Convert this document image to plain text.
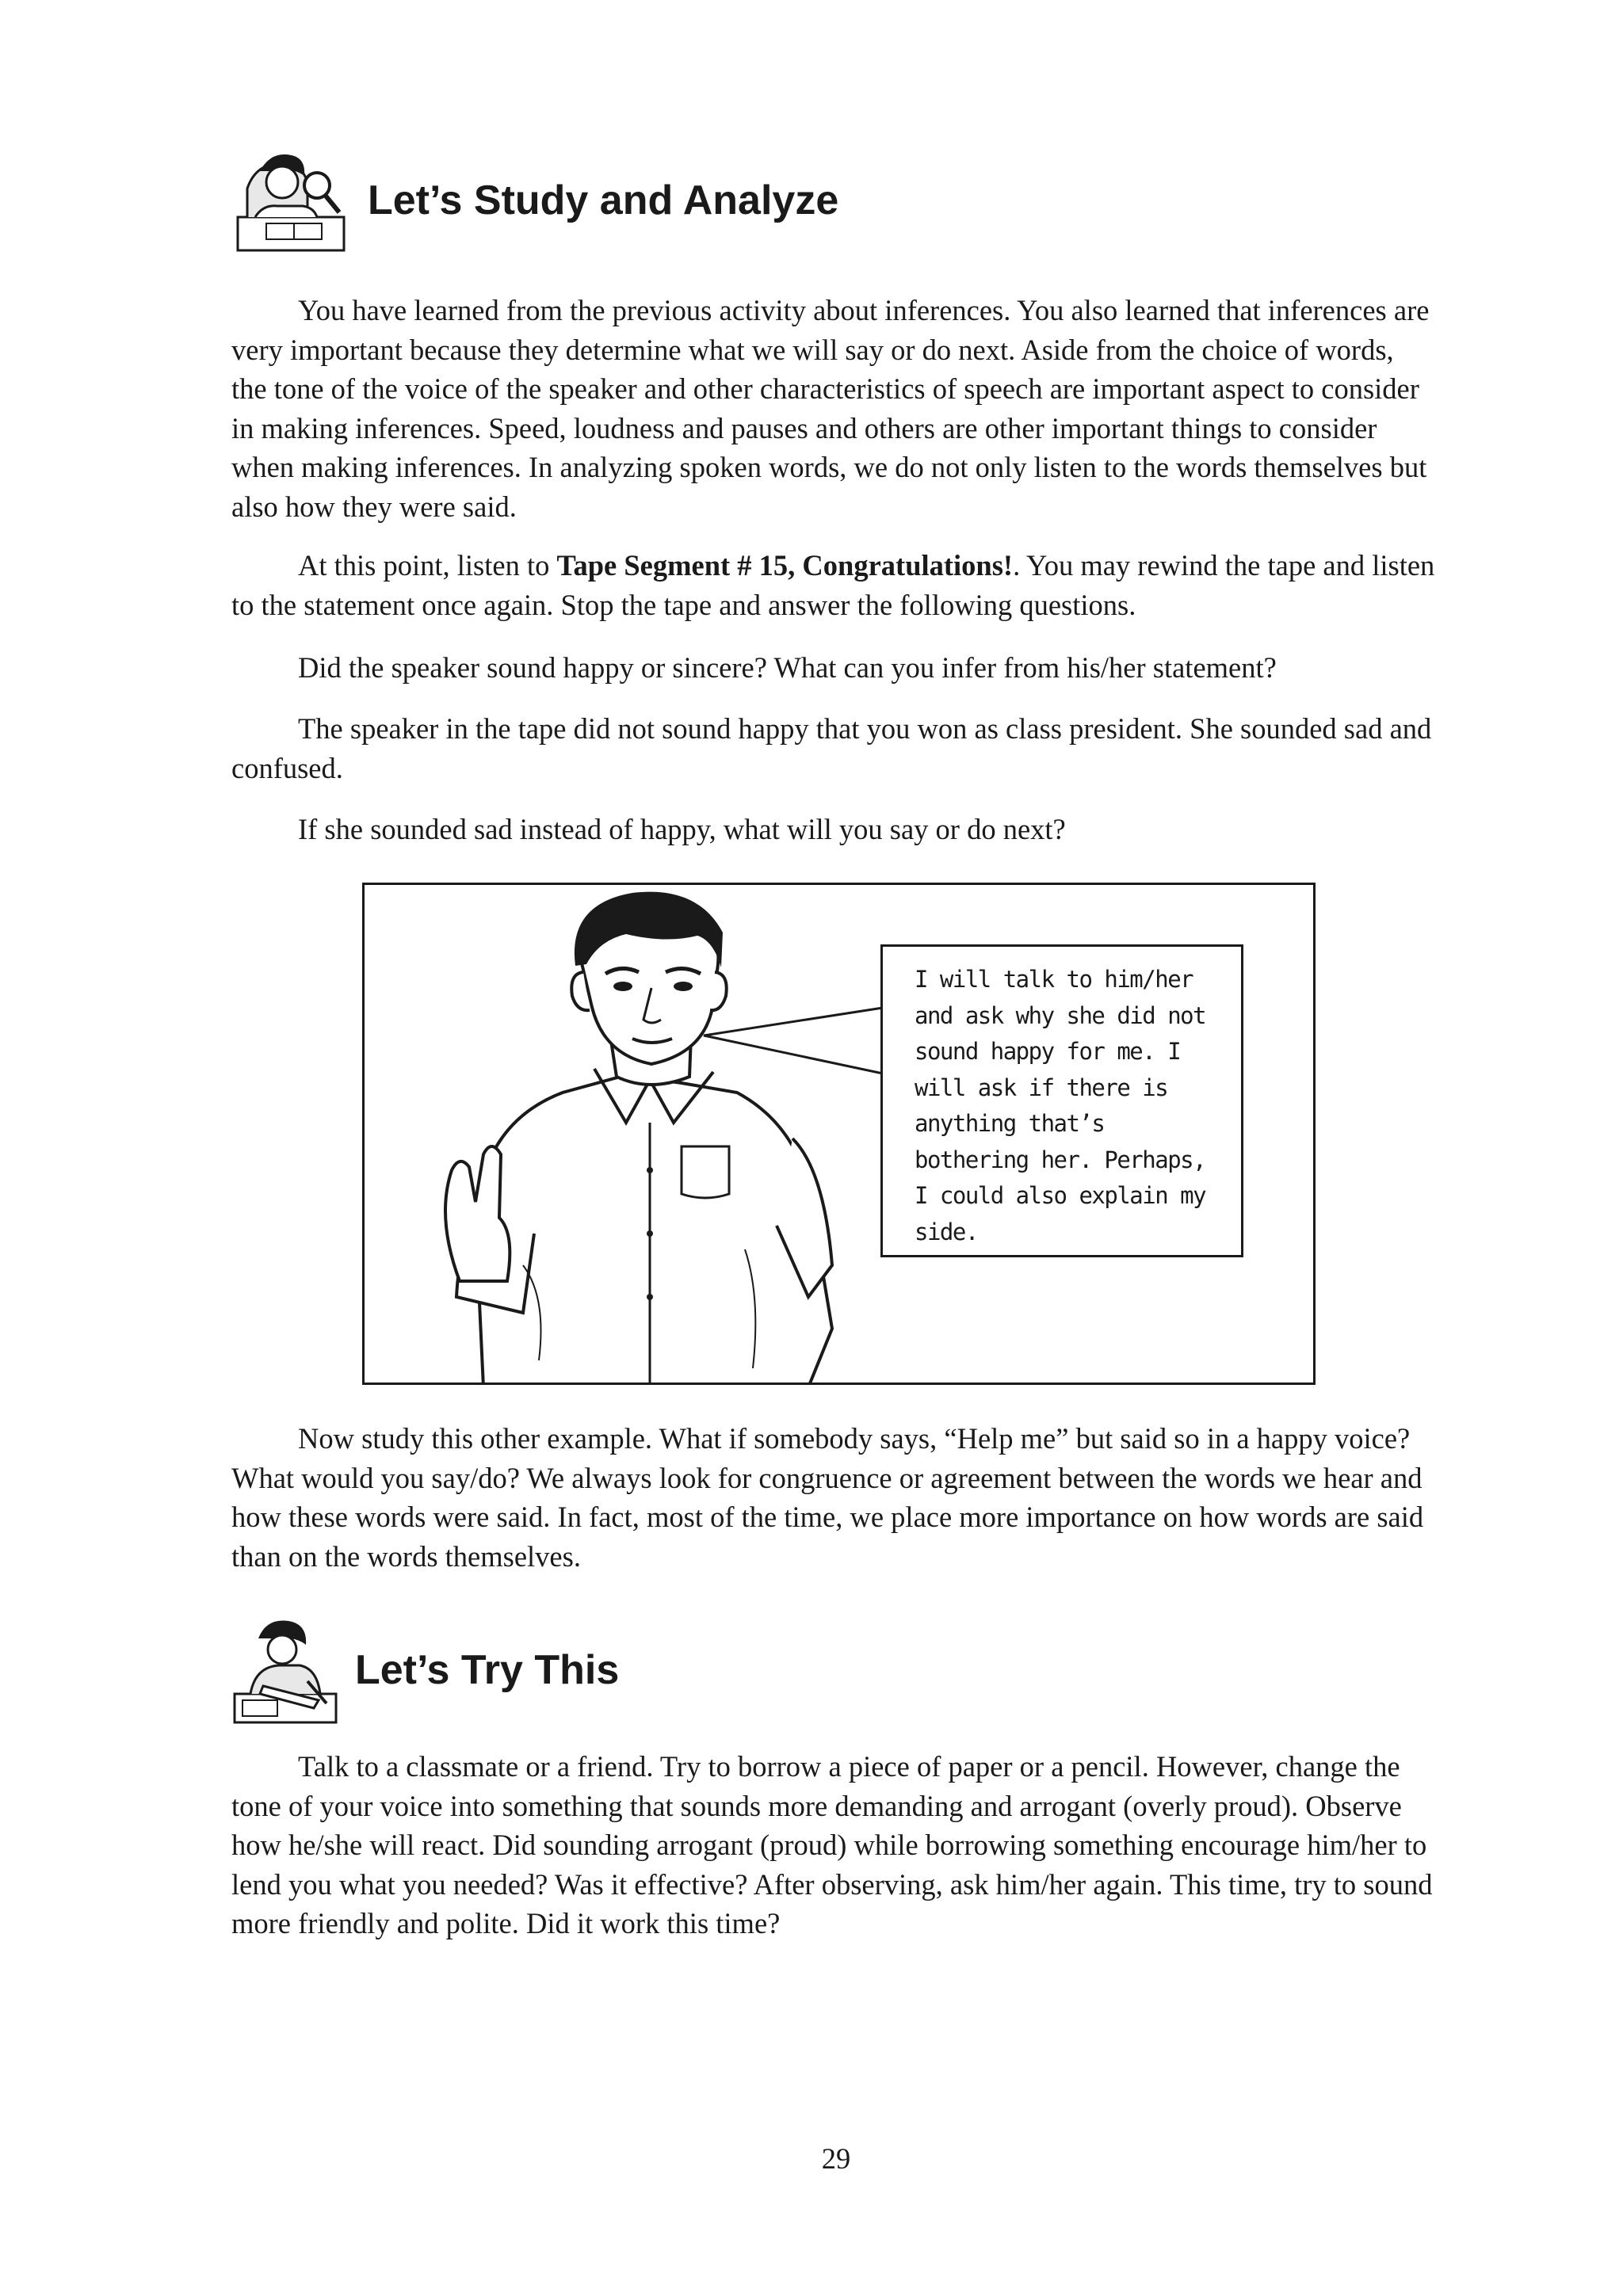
Let’s Study and Analyze

You have learned from the previous activity about inferences. You also learned that inferences are very important because they determine what we will say or do next. Aside from the choice of words, the tone of the voice of the speaker and other characteristics of speech are important aspect to consider in making inferences. Speed, loudness and pauses and others are other important things to consider when making inferences. In analyzing spoken words, we do not only listen to the words themselves but also how they were said.

At this point, listen to Tape Segment # 15, Congratulations!. You may rewind the tape and listen to the statement once again. Stop the tape and answer the following questions.

Did the speaker sound happy or sincere? What can you infer from his/her statement?

The speaker in the tape did not sound happy that you won as class president. She sounded sad and confused.

If she sounded sad instead of happy, what will you say or do next?

I will talk to him/her
and ask why she did not
sound happy for me. I
will ask if there is
anything that’s
bothering her. Perhaps,
I could also explain my
side.

Now study this other example. What if somebody says, “Help me” but said so in a happy voice? What would you say/do? We always look for congruence or agreement between the words we hear and how these words were said. In fact, most of the time, we place more importance on how words are said than on the words themselves.

Let’s Try This

Talk to a classmate or a friend. Try to borrow a piece of paper or a pencil. However, change the tone of your voice into something that sounds more demanding and arrogant (overly proud). Observe how he/she will react. Did sounding arrogant (proud) while borrowing something encourage him/her to lend you what you needed? Was it effective? After observing, ask him/her again. This time, try to sound more friendly and polite. Did it work this time?

29
